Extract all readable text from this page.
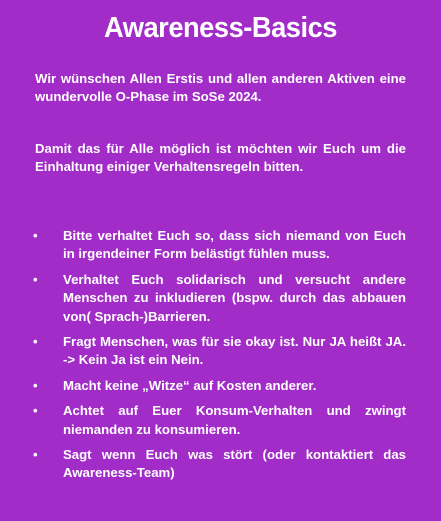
Awareness-Basics
Wir wünschen Allen Erstis und allen anderen Aktiven eine wundervolle O-Phase im SoSe 2024.
Damit das für Alle möglich ist möchten wir Euch um die Einhaltung einiger Verhaltensregeln bitten.
• Bitte verhaltet Euch so, dass sich niemand von Euch in irgendeiner Form belästigt fühlen muss.
• Verhaltet Euch solidarisch und versucht andere Menschen zu inkludieren (bspw. durch das abbauen von( Sprach-)Barrieren.
• Fragt Menschen, was für sie okay ist. Nur JA heißt JA. -> Kein Ja ist ein Nein.
• Macht keine „Witze“ auf Kosten anderer.
• Achtet auf Euer Konsum-Verhalten und zwingt niemanden zu konsumieren.
• Sagt wenn Euch was stört (oder kontaktiert das Awareness-Team)
